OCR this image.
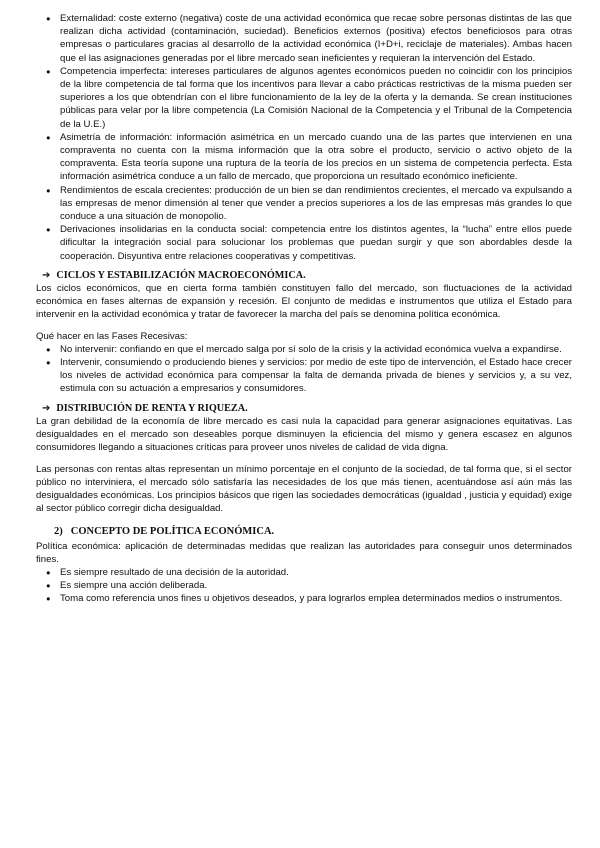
● Externalidad: coste externo (negativa) coste de una actividad económica que recae sobre personas distintas de las que realizan dicha actividad (contaminación, suciedad). Beneficios externos (positiva) efectos beneficiosos para otras empresas o particulares gracias al desarrollo de la actividad económica (I+D+i, reciclaje de materiales). Ambas hacen que el las asignaciones generadas por el libre mercado sean ineficientes y requieran la intervención del Estado.
● Competencia imperfecta: intereses particulares de algunos agentes económicos pueden no coincidir con los principios de la libre competencia de tal forma que los incentivos para llevar a cabo prácticas restrictivas de la misma pueden ser superiores a los que obtendrían con el libre funcionamiento de la ley de la oferta y la demanda. Se crean instituciones públicas para velar por la libre competencia (La Comisión Nacional de la Competencia y el Tribunal de la Competencia de la U.E.)
● Asimetría de información: información asimétrica en un mercado cuando una de las partes que intervienen en una compraventa no cuenta con la misma información que la otra sobre el producto, servicio o activo objeto de la compraventa. Esta teoría supone una ruptura de la teoría de los precios en un sistema de competencia perfecta. Esta información asimétrica conduce a un fallo de mercado, que proporciona un resultado económico ineficiente.
● Rendimientos de escala crecientes: producción de un bien se dan rendimientos crecientes, el mercado va expulsando a las empresas de menor dimensión al tener que vender a precios superiores a los de las empresas más grandes lo que conduce a una situación de monopolio.
● Derivaciones insolidarias en la conducta social: competencia entre los distintos agentes, la “lucha” entre ellos puede dificultar la integración social para solucionar los problemas que puedan surgir y que son abordables desde la cooperación. Disyuntiva entre relaciones cooperativas y competitivas.
➔ CICLOS Y ESTABILIZACIÓN MACROECONÓMICA.

Los ciclos económicos, que en cierta forma también constituyen fallo del mercado, son fluctuaciones de la actividad económica en fases alternas de expansión y recesión. El conjunto de medidas e instrumentos que utiliza el Estado para intervenir en la actividad económica y tratar de favorecer la marcha del país se denomina política económica.

Qué hacer en las Fases Recesivas:

● No intervenir: confiando en que el mercado salga por sí solo de la crisis y la actividad económica vuelva a expandirse.
● Intervenir, consumiendo o produciendo bienes y servicios: por medio de este tipo de intervención, el Estado hace crecer los niveles de actividad económica para compensar la falta de demanda privada de bienes y servicios y, a su vez, estimula con su actuación a empresarios y consumidores.
➔ DISTRIBUCIÓN DE RENTA Y RIQUEZA.

La gran debilidad de la economía de libre mercado es casi nula la capacidad para generar asignaciones equitativas. Las desigualdades en el mercado son deseables porque disminuyen la eficiencia del mismo y genera escasez en algunos consumidores llegando a situaciones críticas para proveer unos niveles de calidad de vida digna.

Las personas con rentas altas representan un mínimo porcentaje en el conjunto de la sociedad, de tal forma que, si el sector público no interviniera, el mercado sólo satisfaría las necesidades de los que más tienen, acentuándose así aún más las desigualdades económicas. Los principios básicos que rigen las sociedades democráticas (igualdad , justicia y equidad) exige al sector público corregir dicha desigualdad.

2) CONCEPTO DE POLÍTICA ECONÓMICA.

Política económica: aplicación de determinadas medidas que realizan las autoridades para conseguir unos determinados fines.

● Es siempre resultado de una decisión de la autoridad.
● Es siempre una acción deliberada.
● Toma como referencia unos fines u objetivos deseados, y para lograrlos emplea determinados medios o instrumentos.
